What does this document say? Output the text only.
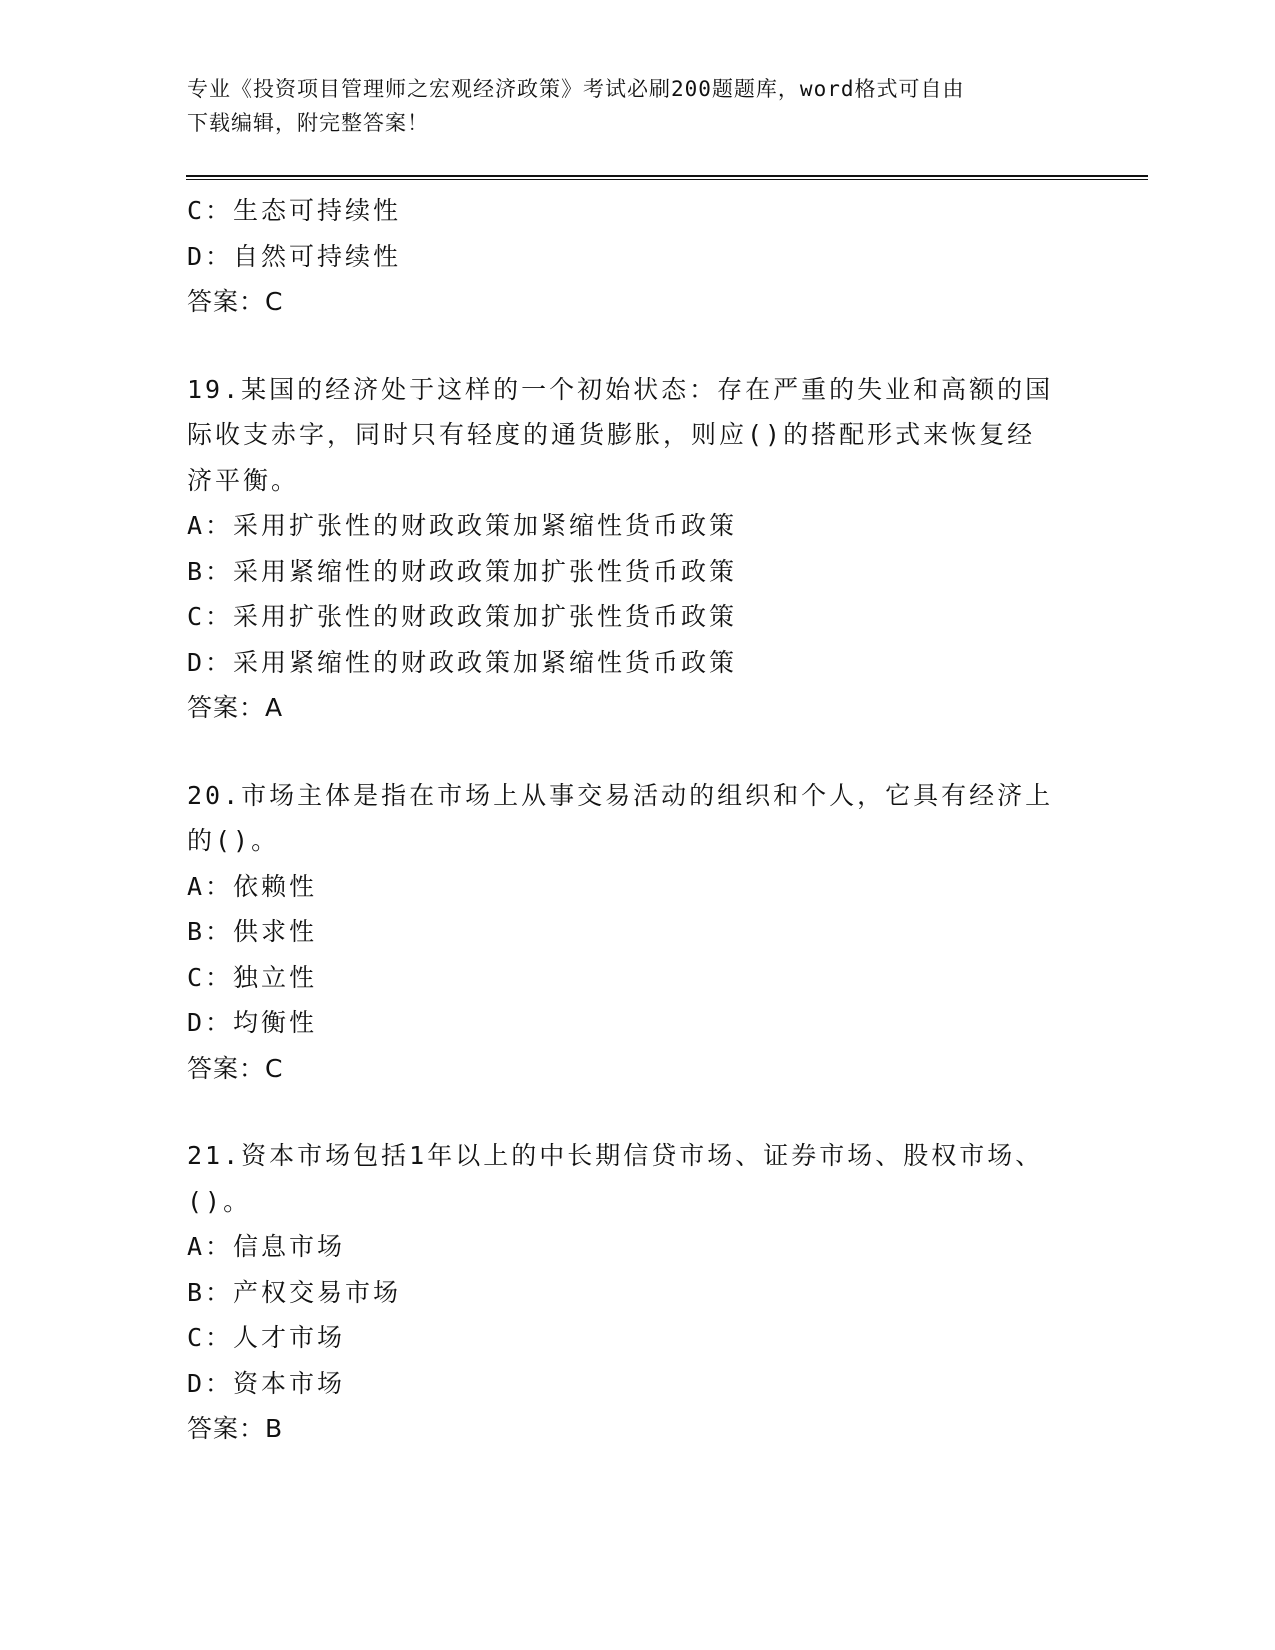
专业《投资项目管理师之宏观经济政策》考试必刷200题题库，word格式可自由
下载编辑，附完整答案！
C：生态可持续性
D：自然可持续性
答案：C
19.某国的经济处于这样的一个初始状态：存在严重的失业和高额的国
际收支赤字，同时只有轻度的通货膨胀，则应()的搭配形式来恢复经
济平衡。
A：采用扩张性的财政政策加紧缩性货币政策
B：采用紧缩性的财政政策加扩张性货币政策
C：采用扩张性的财政政策加扩张性货币政策
D：采用紧缩性的财政政策加紧缩性货币政策
答案：A
20.市场主体是指在市场上从事交易活动的组织和个人，它具有经济上
的()。
A：依赖性
B：供求性
C：独立性
D：均衡性
答案：C
21.资本市场包括1年以上的中长期信贷市场、证券市场、股权市场、
()。
A：信息市场
B：产权交易市场
C：人才市场
D：资本市场
答案：B
